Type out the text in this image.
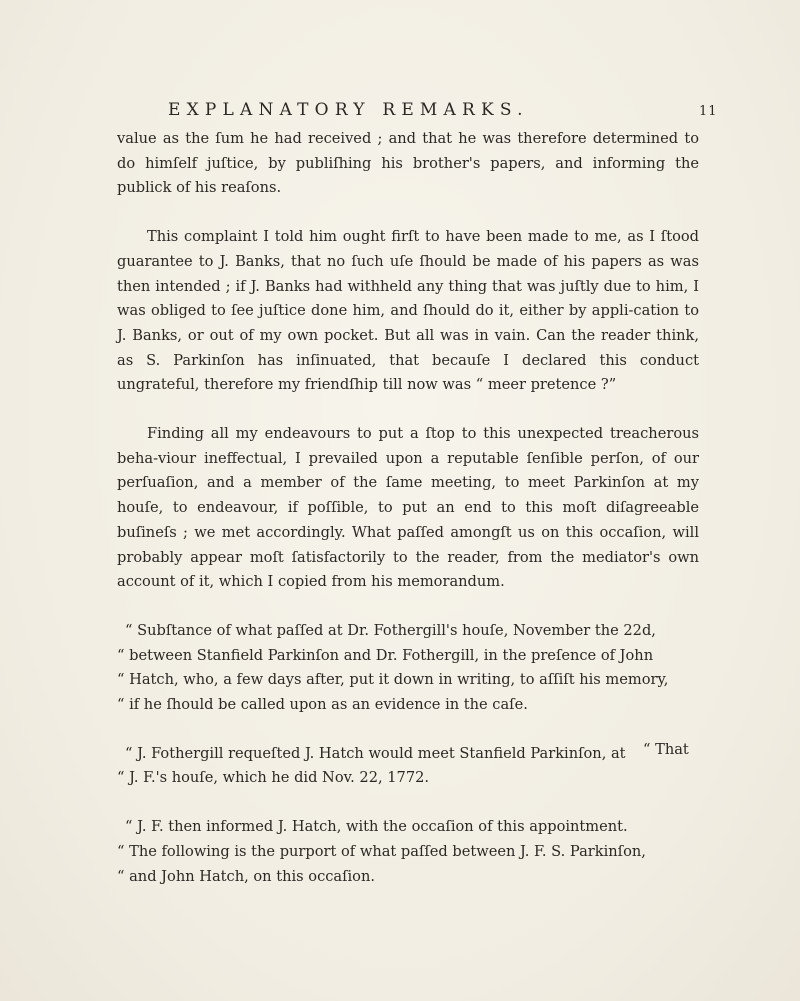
EXPLANATORY REMARKS.	11

value as the ſum he had received ; and that he was therefore determined to do himſelf juſtice, by publiſhing his brother's papers, and informing the publick of his reaſons.

This complaint I told him ought firſt to have been made to me, as I ſtood guarantee to J. Banks, that no ſuch uſe ſhould be made of his papers as was then intended ; if J. Banks had withheld any thing that was juſtly due to him, I was obliged to ſee juſtice done him, and ſhould do it, either by appli-cation to J. Banks, or out of my own pocket. But all was in vain. Can the reader think, as S. Parkinſon has inſinuated, that becauſe I declared this conduct ungrateful, therefore my friendſhip till now was “ meer pretence ?”

Finding all my endeavours to put a ſtop to this unexpected treacherous beha-viour ineffectual, I prevailed upon a reputable ſenſible perſon, of our perſuaſion, and a member of the ſame meeting, to meet Parkinſon at my houſe, to endeavour, if poſſible, to put an end to this moſt diſagreeable buſineſs ; we met accordingly. What paſſed amongſt us on this occaſion, will probably appear moſt ſatisfactorily to the reader, from the mediator's own account of it, which I copied from his memorandum.

“ Subſtance of what paſſed at Dr. Fothergill's houſe, November the 22d,
“ between Stanfield Parkinſon and Dr. Fothergill, in the preſence of John
“ Hatch, who, a few days after, put it down in writing, to aſſiſt his memory,
“ if he ſhould be called upon as an evidence in the caſe.
“ J. Fothergill requeſted J. Hatch would meet Stanfield Parkinſon, at
“ J. F.'s houſe, which he did Nov. 22, 1772.
“ J. F. then informed J. Hatch, with the occaſion of this appointment.
“ The following is the purport of what paſſed between J. F. S. Parkinſon,
“ and John Hatch, on this occaſion.
“ That
